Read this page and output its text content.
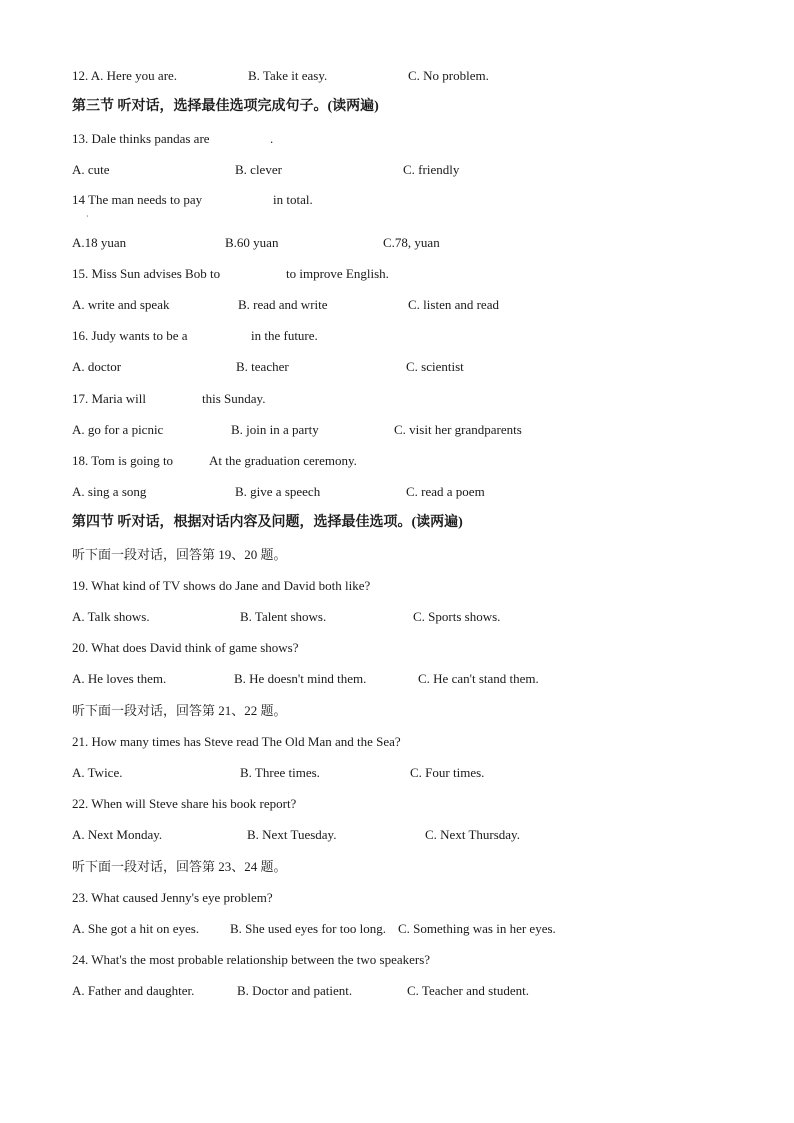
12. A. Here you are.	B. Take it easy.	C. No problem.
第三节 听对话，选择最佳选项完成句子。(读两遍)
13. Dale thinks pandas are	.
A. cute	B. clever	C. friendly
14 The man needs to pay	in total.
·
A.18 yuan	B.60 yuan	C.78, yuan
15. Miss Sun advises Bob to	to improve English.
A. write and speak	B. read and write	C. listen and read
16. Judy wants to be a	in the future.
A. doctor	B. teacher	C. scientist
17. Maria will	this Sunday.
A. go for a picnic	B. join in a party	C. visit her grandparents
18. Tom is going to	At the graduation ceremony.
A. sing a song	B. give a speech	C. read a poem
第四节 听对话，根据对话内容及问题，选择最佳选项。(读两遍)
听下面一段对话，回答第 19、20 题。
19. What kind of TV shows do Jane and David both like?
A. Talk shows.	B. Talent shows.	C. Sports shows.
20. What does David think of game shows?
A. He loves them.	B. He doesn't mind them.	C. He can't stand them.
听下面一段对话，回答第 21、22 题。
21. How many times has Steve read The Old Man and the Sea?
A. Twice.	B. Three times.	C. Four times.
22. When will Steve share his book report?
A. Next Monday.	B. Next Tuesday.	C. Next Thursday.
听下面一段对话，回答第 23、24 题。
23. What caused Jenny's eye problem?
A. She got a hit on eyes. B. She used eyes for too long. C. Something was in her eyes.
24. What's the most probable relationship between the two speakers?
A. Father and daughter.	B. Doctor and patient.	C. Teacher and student.
